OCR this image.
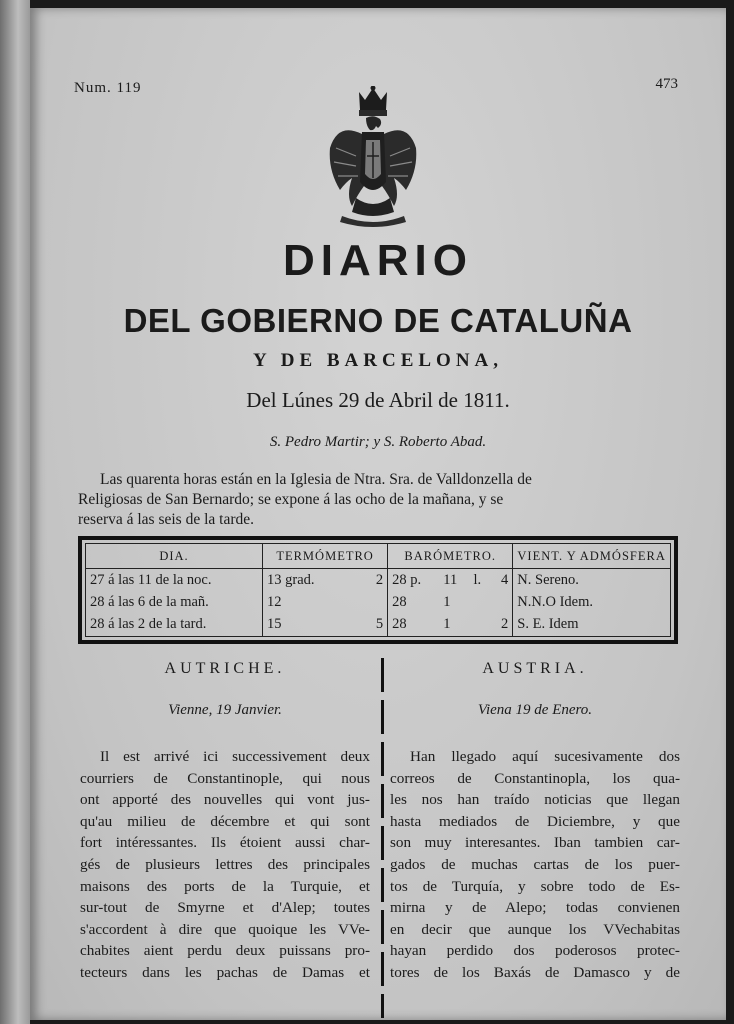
Num. 119	473
DIARIO
DEL GOBIERNO DE CATALUÑA
Y DE BARCELONA,
Del Lúnes 29 de Abril de 1811.
S. Pedro Martir; y S. Roberto Abad.
Las quarenta horas están en la Iglesia de Ntra. Sra. de Valldonzella de
Religiosas de San Bernardo; se expone á las ocho de la mañana, y se
reserva á las seis de la tarde.
DIA.	TERMÓMETRO		BARÓMETRO.				VIENT. Y ADMÓSFERA
27 á las 11 de la noc.	13 grad.	2	28 p.	11	l.	4	N. Sereno.
28 á las 6 de la mañ.	12		28	1			N.N.O Idem.
28 á las 2 de la tard.	15	5	28	1		2	S. E. Idem
AUTRICHE.	AUSTRIA.
Vienne, 19 Janvier.	Viena 19 de Enero.
Il est arrivé ici successivement deux
courriers de Constantinople, qui nous
ont apporté des nouvelles qui vont jus-
qu'au milieu de décembre et qui sont
fort intéressantes. Ils étoient aussi char-
gés de plusieurs lettres des principales
maisons des ports de la Turquie, et
sur-tout de Smyrne et d'Alep; toutes
s'accordent à dire que quoique les VVe-
chabites aient perdu deux puissans pro-
tecteurs dans les pachas de Damas et
Han llegado aquí sucesivamente dos
correos de Constantinopla, los qua-
les nos han traído noticias que llegan
hasta mediados de Diciembre, y que
son muy interesantes. Iban tambien car-
gados de muchas cartas de los puer-
tos de Turquía, y sobre todo de Es-
mirna y de Alepo; todas convienen
en decir que aunque los VVechabitas
hayan perdido dos poderosos protec-
tores de los Baxás de Damasco y de
